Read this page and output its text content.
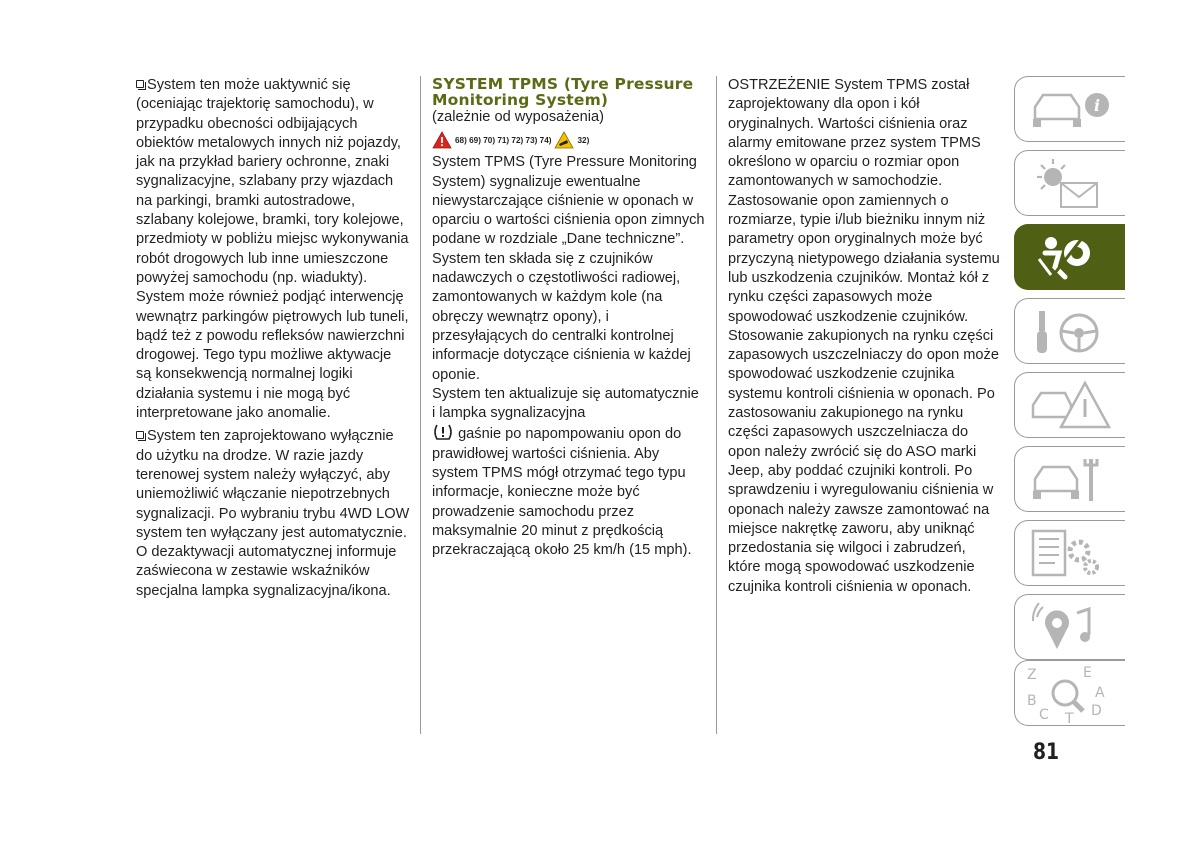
System ten może uaktywnić się (oceniając trajektorię samochodu), w przypadku obecności odbijających obiektów metalowych innych niż pojazdy, jak na przykład bariery ochronne, znaki sygnalizacyjne, szlabany przy wjazdach na parkingi, bramki autostradowe, szlabany kolejowe, bramki, tory kolejowe, przedmioty w pobliżu miejsc wykonywania robót drogowych lub inne umieszczone powyżej samochodu (np. wiadukty). System może również podjąć interwencję wewnątrz parkingów piętrowych lub tuneli, bądź też z powodu refleksów nawierzchni drogowej. Tego typu możliwe aktywacje są konsekwencją normalnej logiki działania systemu i nie mogą być interpretowane jako anomalie.

System ten zaprojektowano wyłącznie do użytku na drodze. W razie jazdy terenowej system należy wyłączyć, aby uniemożliwić włączanie niepotrzebnych sygnalizacji. Po wybraniu trybu 4WD LOW system ten wyłączany jest automatycznie. O dezaktywacji automatycznej informuje zaświecona w zestawie wskaźników specjalna lampka sygnalizacyjna/ikona.

SYSTEM TPMS (Tyre Pressure Monitoring System)

(zależnie od wyposażenia)

68) 69) 70) 71) 72) 73) 74)	32)

System TPMS (Tyre Pressure Monitoring System) sygnalizuje ewentualne niewystarczające ciśnienie w oponach w oparciu o wartości ciśnienia opon zimnych podane w rozdziale „Dane techniczne”.

System ten składa się z czujników nadawczych o częstotliwości radiowej, zamontowanych w każdym kole (na obręczy wewnątrz opony), i przesyłających do centralki kontrolnej informacje dotyczące ciśnienia w każdej oponie.

System ten aktualizuje się automatycznie i lampka sygnalizacyjna
gaśnie po napompowaniu opon do prawidłowej wartości ciśnienia. Aby system TPMS mógł otrzymać tego typu informacje, konieczne może być prowadzenie samochodu przez maksymalnie 20 minut z prędkością przekraczającą około 25 km/h (15 mph).

OSTRZEŻENIE System TPMS został zaprojektowany dla opon i kół oryginalnych. Wartości ciśnienia oraz alarmy emitowane przez system TPMS określono w oparciu o rozmiar opon zamontowanych w samochodzie. Zastosowanie opon zamiennych o rozmiarze, typie i/lub bieżniku innym niż parametry opon oryginalnych może być przyczyną nietypowego działania systemu lub uszkodzenia czujników. Montaż kół z rynku części zapasowych może spowodować uszkodzenie czujników. Stosowanie zakupionych na rynku części zapasowych uszczelniaczy do opon może spowodować uszkodzenie czujnika systemu kontroli ciśnienia w oponach. Po zastosowaniu zakupionego na rynku części zapasowych uszczelniacza do opon należy zwrócić się do ASO marki Jeep, aby poddać czujniki kontroli. Po sprawdzeniu i wyregulowaniu ciśnienia w oponach należy zawsze zamontować na miejsce nakrętkę zaworu, aby uniknąć przedostania się wilgoci i zabrudzeń, które mogą spowodować uszkodzenie czujnika kontroli ciśnienia w oponach.

i
Z	E
B	A
C T D
81
